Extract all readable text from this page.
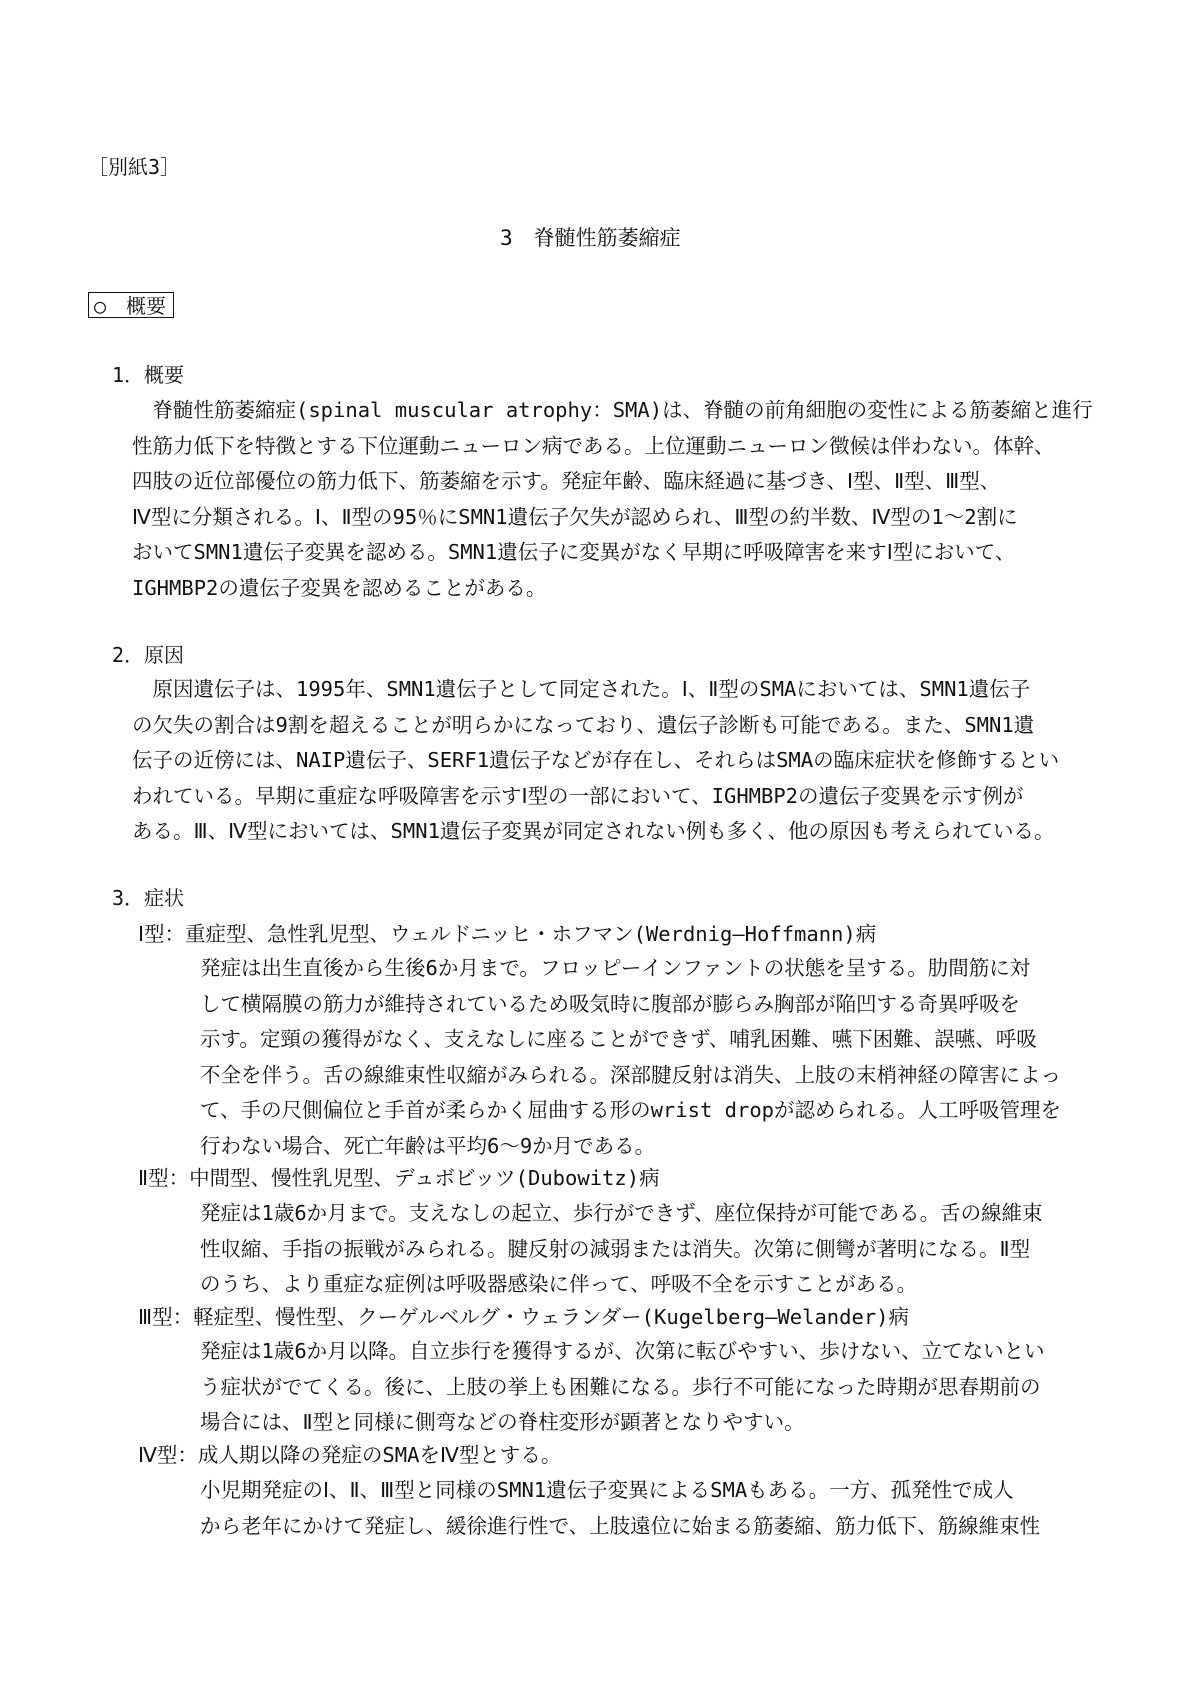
［別紙3］
3　脊髄性筋萎縮症
○　概要
1．概要
　脊髄性筋萎縮症(spinal muscular atrophy：SMA)は、脊髄の前角細胞の変性による筋萎縮と進行
性筋力低下を特徴とする下位運動ニューロン病である。上位運動ニューロン徴候は伴わない。体幹、
四肢の近位部優位の筋力低下、筋萎縮を示す。発症年齢、臨床経過に基づき、Ⅰ型、Ⅱ型、Ⅲ型、
Ⅳ型に分類される。Ⅰ、Ⅱ型の95％にSMN1遺伝子欠失が認められ、Ⅲ型の約半数、Ⅳ型の1～2割に
おいてSMN1遺伝子変異を認める。SMN1遺伝子に変異がなく早期に呼吸障害を来すⅠ型において、
IGHMBP2の遺伝子変異を認めることがある。
2．原因
　原因遺伝子は、1995年、SMN1遺伝子として同定された。Ⅰ、Ⅱ型のSMAにおいては、SMN1遺伝子
の欠失の割合は9割を超えることが明らかになっており、遺伝子診断も可能である。また、SMN1遺
伝子の近傍には、NAIP遺伝子、SERF1遺伝子などが存在し、それらはSMAの臨床症状を修飾するとい
われている。早期に重症な呼吸障害を示すⅠ型の一部において、IGHMBP2の遺伝子変異を示す例が
ある。Ⅲ、Ⅳ型においては、SMN1遺伝子変異が同定されない例も多く、他の原因も考えられている。
3．症状
Ⅰ型：重症型、急性乳児型、ウェルドニッヒ・ホフマン(Werdnig―Hoffmann)病
発症は出生直後から生後6か月まで。フロッピーインファントの状態を呈する。肋間筋に対
して横隔膜の筋力が維持されているため吸気時に腹部が膨らみ胸部が陥凹する奇異呼吸を
示す。定頸の獲得がなく、支えなしに座ることができず、哺乳困難、嚥下困難、誤嚥、呼吸
不全を伴う。舌の線維束性収縮がみられる。深部腱反射は消失、上肢の末梢神経の障害によっ
て、手の尺側偏位と手首が柔らかく屈曲する形のwrist dropが認められる。人工呼吸管理を
行わない場合、死亡年齢は平均6～9か月である。
Ⅱ型：中間型、慢性乳児型、デュボビッツ(Dubowitz)病
発症は1歳6か月まで。支えなしの起立、歩行ができず、座位保持が可能である。舌の線維束
性収縮、手指の振戦がみられる。腱反射の減弱または消失。次第に側彎が著明になる。Ⅱ型
のうち、より重症な症例は呼吸器感染に伴って、呼吸不全を示すことがある。
Ⅲ型：軽症型、慢性型、クーゲルベルグ・ウェランダー(Kugelberg―Welander)病
発症は1歳6か月以降。自立歩行を獲得するが、次第に転びやすい、歩けない、立てないとい
う症状がでてくる。後に、上肢の挙上も困難になる。歩行不可能になった時期が思春期前の
場合には、Ⅱ型と同様に側弯などの脊柱変形が顕著となりやすい。
Ⅳ型：成人期以降の発症のSMAをⅣ型とする。
小児期発症のⅠ、Ⅱ、Ⅲ型と同様のSMN1遺伝子変異によるSMAもある。一方、孤発性で成人
から老年にかけて発症し、緩徐進行性で、上肢遠位に始まる筋萎縮、筋力低下、筋線維束性
